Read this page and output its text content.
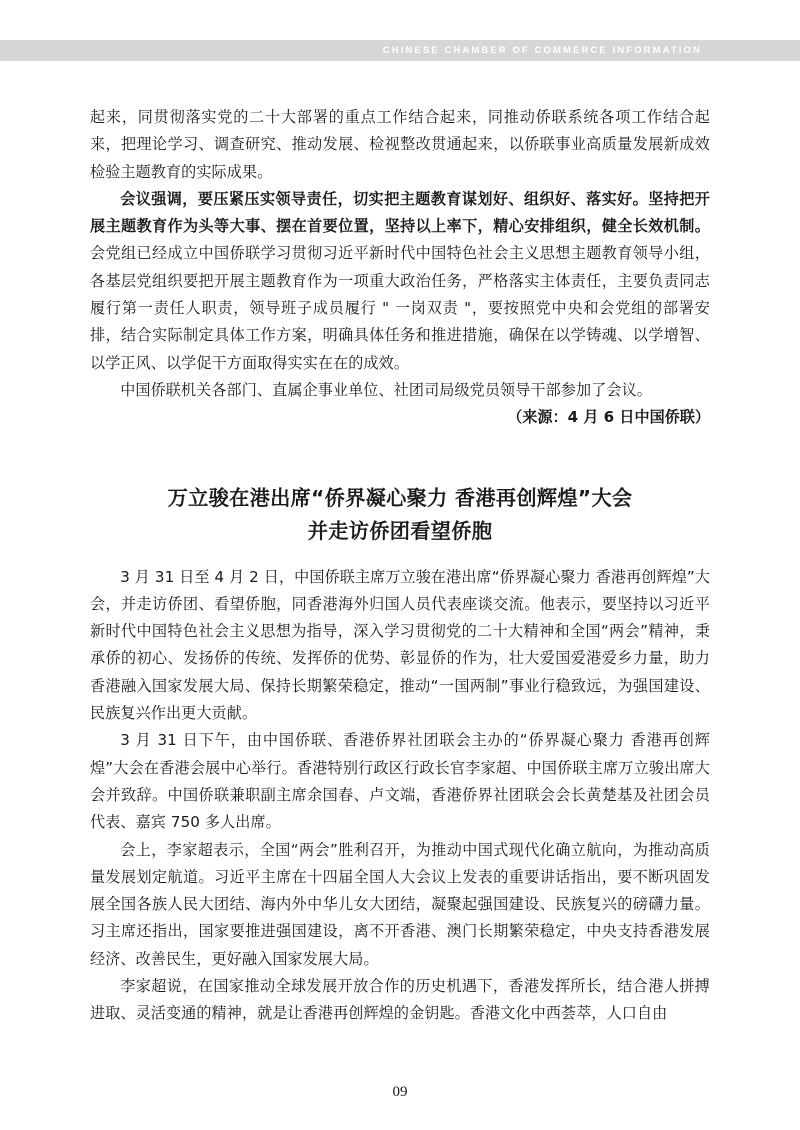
CHINESE CHAMBER OF COMMERCE INFORMATION

起来，同贯彻落实党的二十大部署的重点工作结合起来，同推动侨联系统各项工作结合起来，把理论学习、调查研究、推动发展、检视整改贯通起来，以侨联事业高质量发展新成效检验主题教育的实际成果。

会议强调，要压紧压实领导责任，切实把主题教育谋划好、组织好、落实好。坚持把开展主题教育作为头等大事、摆在首要位置，坚持以上率下，精心安排组织，健全长效机制。会党组已经成立中国侨联学习贯彻习近平新时代中国特色社会主义思想主题教育领导小组，各基层党组织要把开展主题教育作为一项重大政治任务，严格落实主体责任，主要负责同志履行第一责任人职责，领导班子成员履行 " 一岗双责 "，要按照党中央和会党组的部署安排，结合实际制定具体工作方案，明确具体任务和推进措施，确保在以学铸魂、以学增智、以学正风、以学促干方面取得实实在在的成效。

中国侨联机关各部门、直属企事业单位、社团司局级党员领导干部参加了会议。

（来源：4 月 6 日中国侨联）

万立骏在港出席“侨界凝心聚力 香港再创辉煌”大会
并走访侨团看望侨胞

3 月 31 日至 4 月 2 日，中国侨联主席万立骏在港出席“侨界凝心聚力 香港再创辉煌”大会，并走访侨团、看望侨胞，同香港海外归国人员代表座谈交流。他表示，要坚持以习近平新时代中国特色社会主义思想为指导，深入学习贯彻党的二十大精神和全国“两会”精神，秉承侨的初心、发扬侨的传统、发挥侨的优势、彰显侨的作为，壮大爱国爱港爱乡力量，助力香港融入国家发展大局、保持长期繁荣稳定，推动“一国两制”事业行稳致远，为强国建设、民族复兴作出更大贡献。

3 月 31 日下午，由中国侨联、香港侨界社团联会主办的“侨界凝心聚力 香港再创辉煌”大会在香港会展中心举行。香港特别行政区行政长官李家超、中国侨联主席万立骏出席大会并致辞。中国侨联兼职副主席余国春、卢文端，香港侨界社团联会会长黄楚基及社团会员代表、嘉宾 750 多人出席。

会上，李家超表示，全国“两会”胜利召开，为推动中国式现代化确立航向，为推动高质量发展划定航道。习近平主席在十四届全国人大会议上发表的重要讲话指出，要不断巩固发展全国各族人民大团结、海内外中华儿女大团结，凝聚起强国建设、民族复兴的磅礴力量。习主席还指出，国家要推进强国建设，离不开香港、澳门长期繁荣稳定，中央支持香港发展经济、改善民生，更好融入国家发展大局。

李家超说，在国家推动全球发展开放合作的历史机遇下，香港发挥所长，结合港人拼搏进取、灵活变通的精神，就是让香港再创辉煌的金钥匙。香港文化中西荟萃，人口自由

09
